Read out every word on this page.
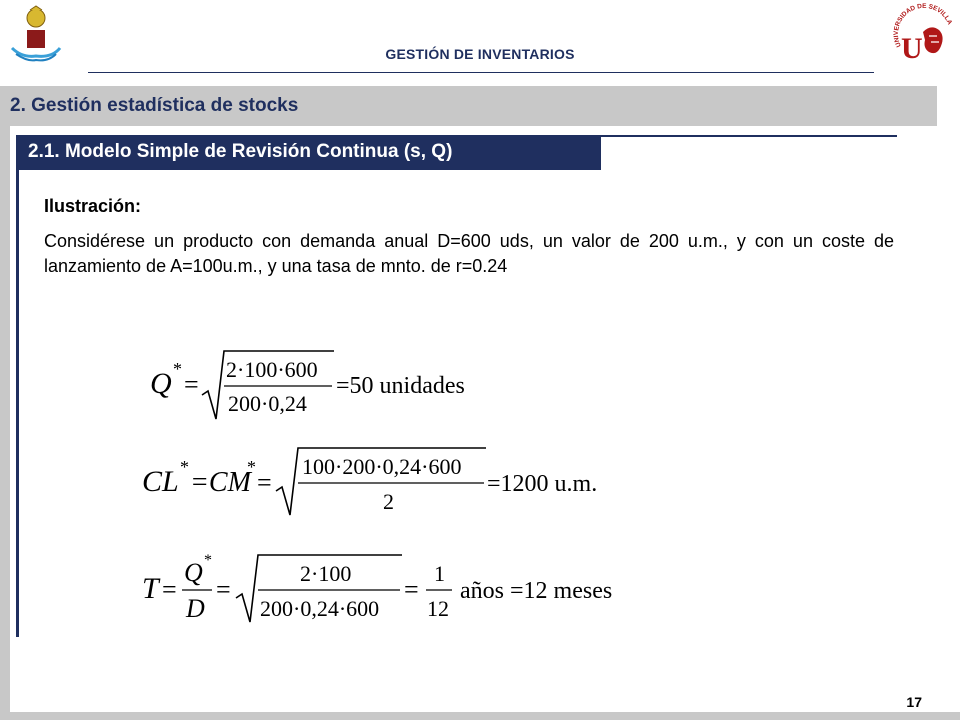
GESTIÓN DE INVENTARIOS
UNIVERSIDAD DE SEVILLA
U
2. Gestión estadística de stocks
2.1. Modelo Simple de Revisión Continua (s, Q)
Ilustración:

Considérese un producto con demanda anual D=600 uds, un valor de 200 u.m., y con un coste de lanzamiento de A=100u.m., y una tasa de mnto. de r=0.24

Q *
=
2·100·600
200·0,24
=50 unidades
CL * =CM
*
=
100·200·0,24·600
2
=1200 u.m.
T =
Q *
D
=
2·100
200·0,24·600
=
1
12
años =12 meses
17
